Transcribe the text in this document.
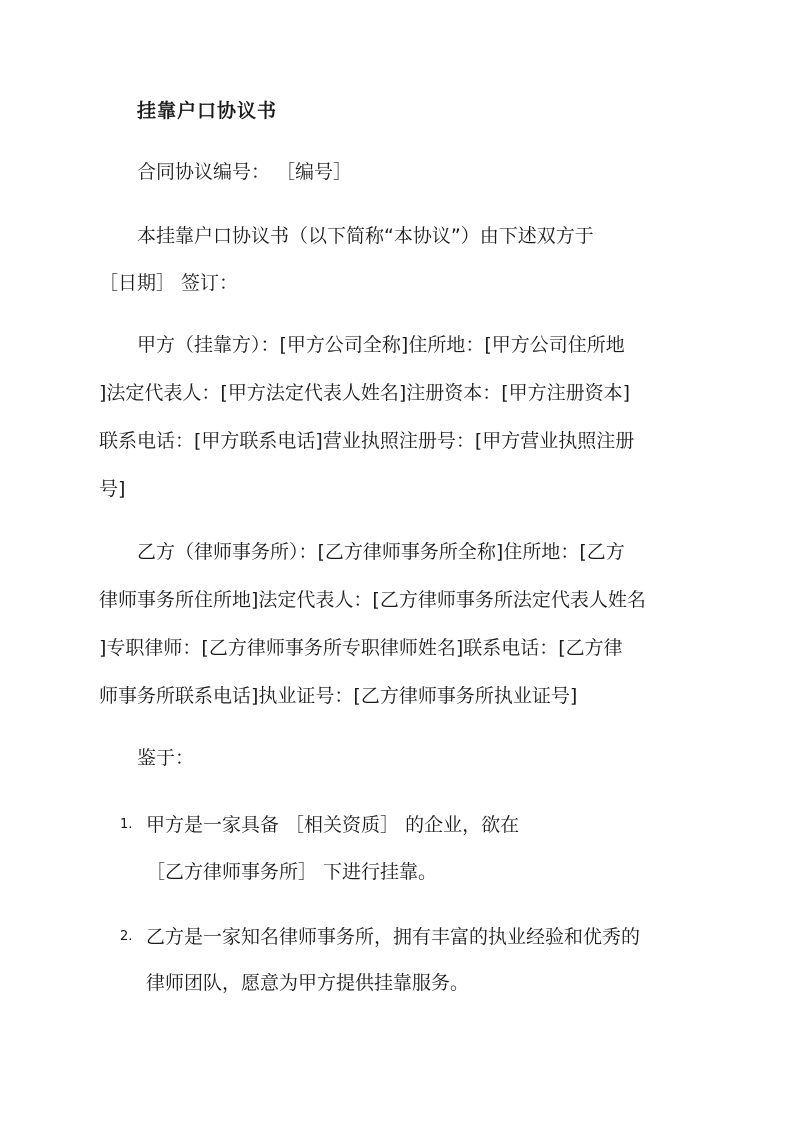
挂靠户口协议书
合同协议编号： ［编号］
本挂靠户口协议书（以下简称“本协议”）由下述双方于
［日期］ 签订：
甲方（挂靠方）：[甲方公司全称]住所地：[甲方公司住所地
]法定代表人：[甲方法定代表人姓名]注册资本：[甲方注册资本]
联系电话：[甲方联系电话]营业执照注册号：[甲方营业执照注册
号]
乙方（律师事务所）：[乙方律师事务所全称]住所地：[乙方
律师事务所住所地]法定代表人：[乙方律师事务所法定代表人姓名
]专职律师：[乙方律师事务所专职律师姓名]联系电话：[乙方律
师事务所联系电话]执业证号：[乙方律师事务所执业证号]
鉴于：
1. 甲方是一家具备 ［相关资质］ 的企业，欲在
［乙方律师事务所］ 下进行挂靠。
2. 乙方是一家知名律师事务所，拥有丰富的执业经验和优秀的
律师团队，愿意为甲方提供挂靠服务。
